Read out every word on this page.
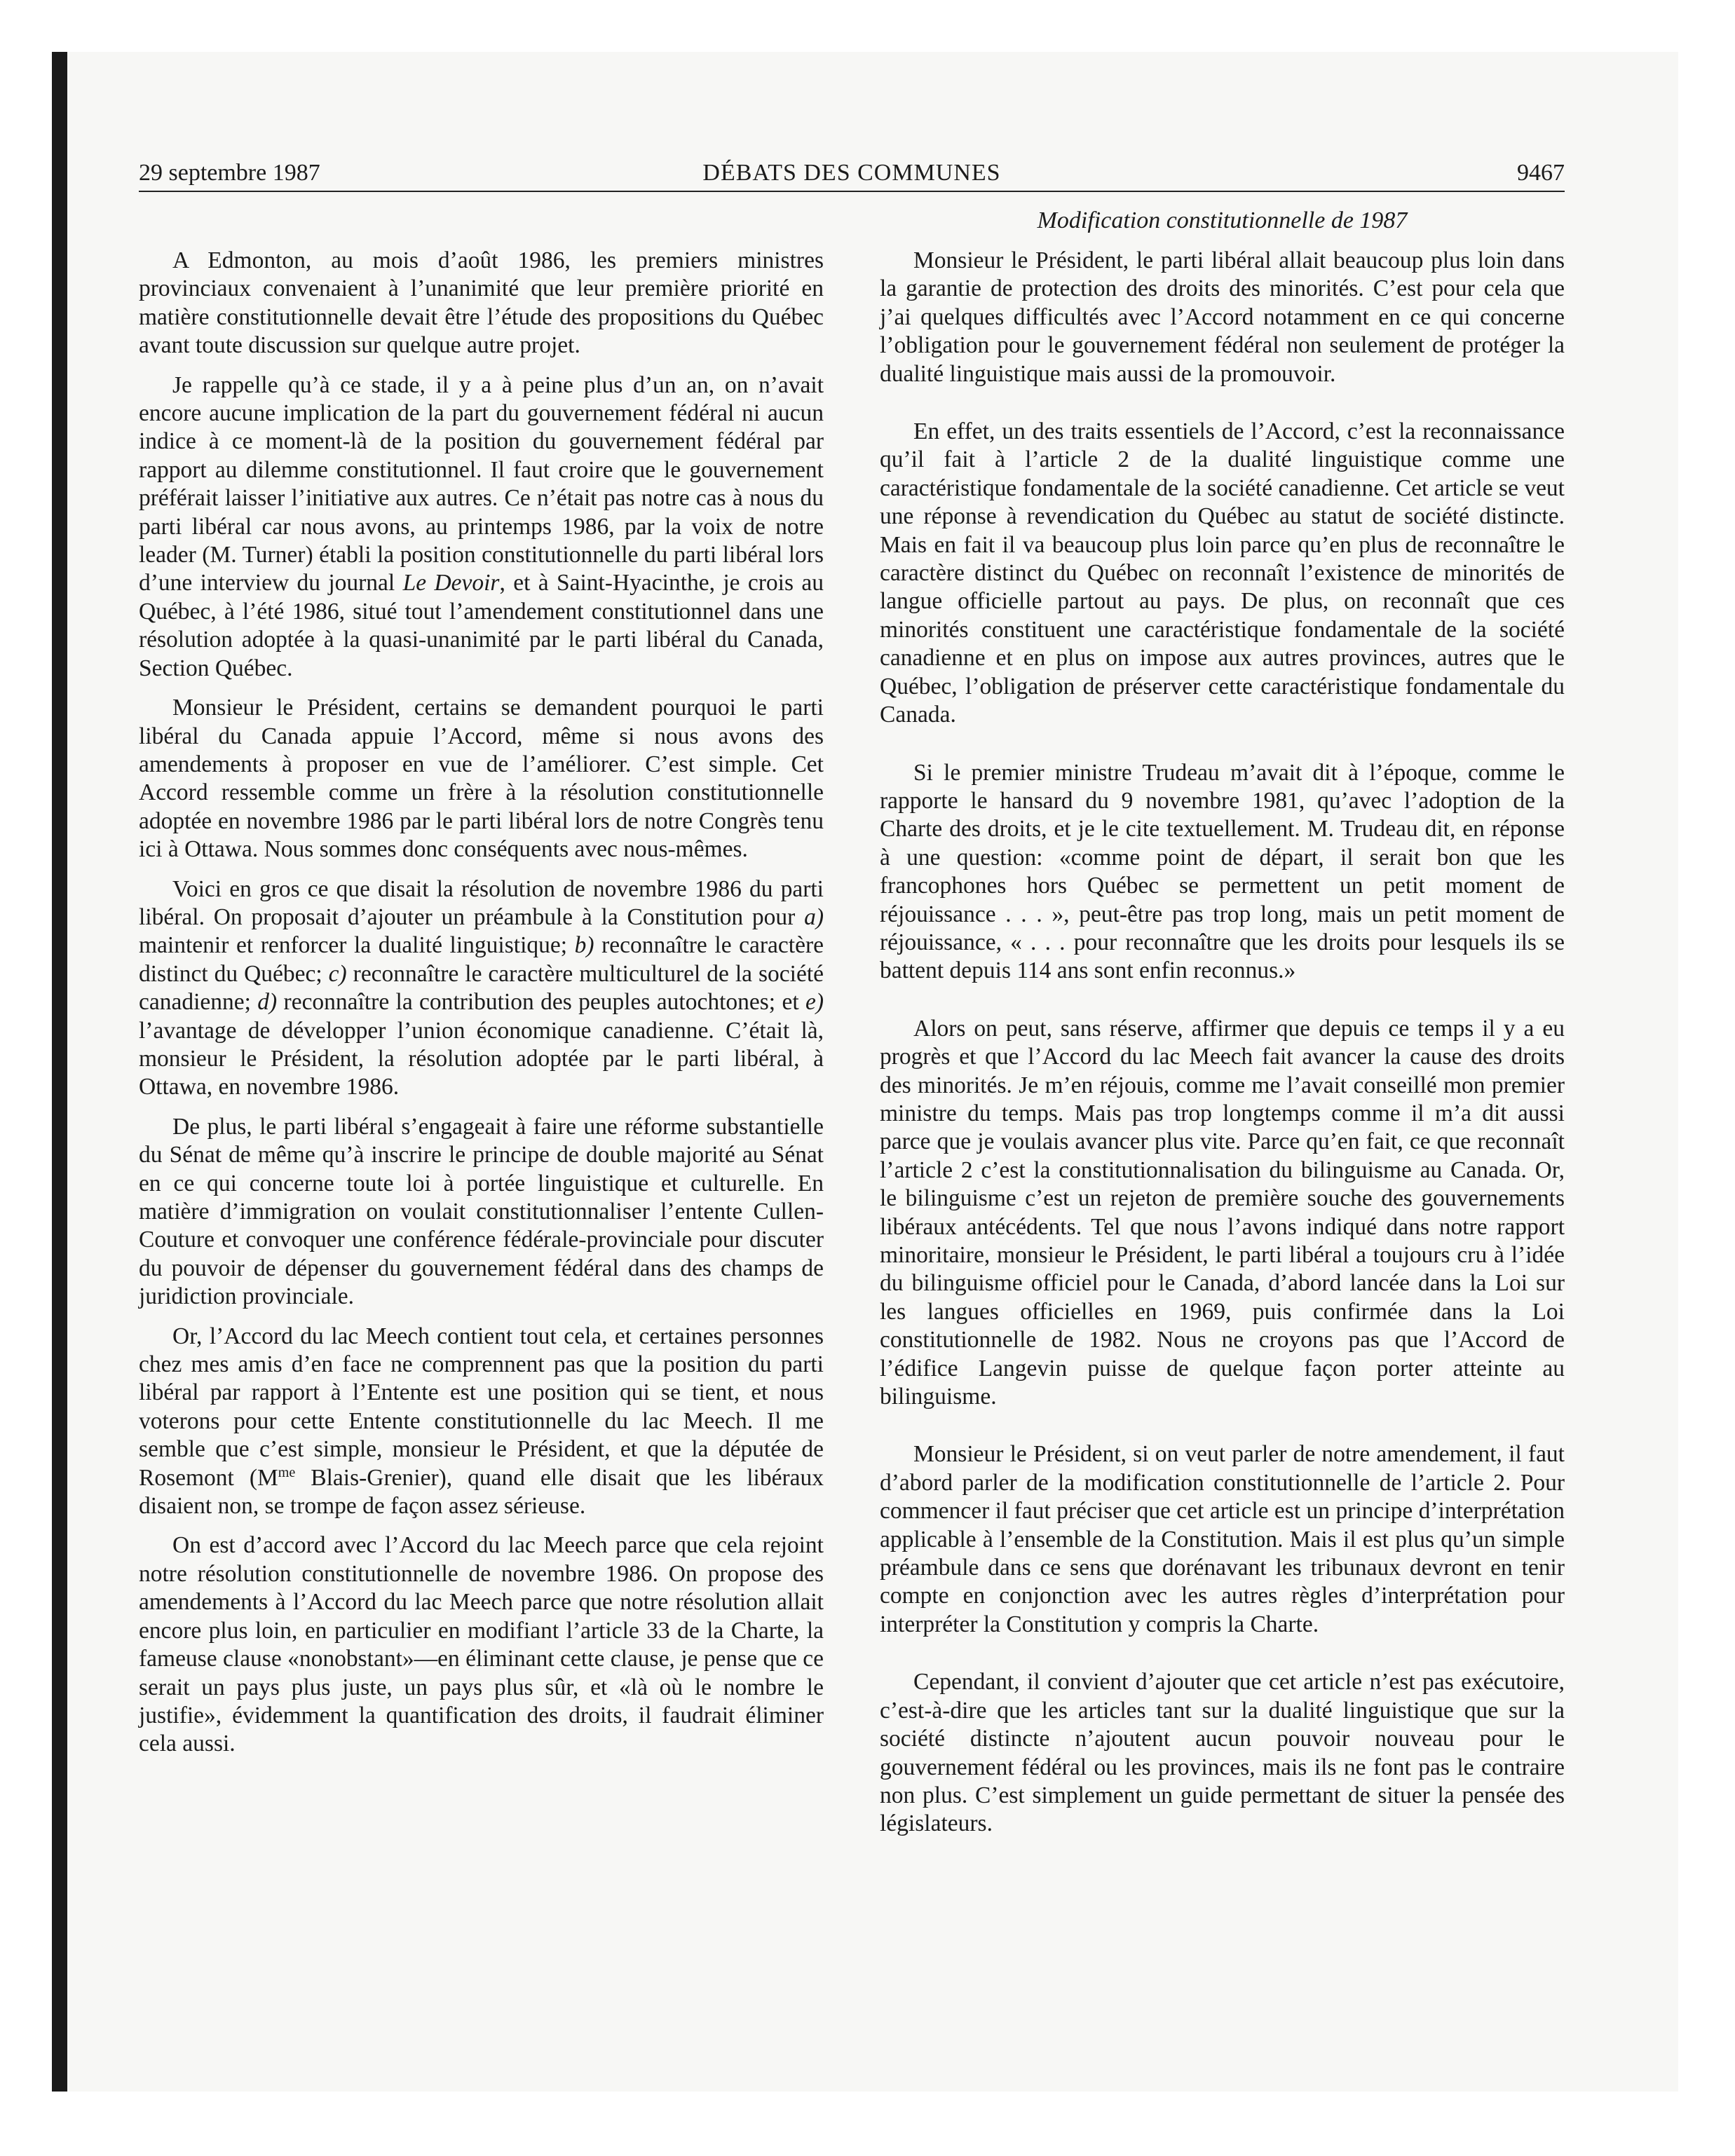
29 septembre 1987	DÉBATS DES COMMUNES	9467
Modification constitutionnelle de 1987

A Edmonton, au mois d’août 1986, les premiers ministres provinciaux convenaient à l’unanimité que leur première priorité en matière constitutionnelle devait être l’étude des propositions du Québec avant toute discussion sur quelque autre projet.

Je rappelle qu’à ce stade, il y a à peine plus d’un an, on n’avait encore aucune implication de la part du gouvernement fédéral ni aucun indice à ce moment-là de la position du gouvernement fédéral par rapport au dilemme constitutionnel. Il faut croire que le gouvernement préférait laisser l’initiative aux autres. Ce n’était pas notre cas à nous du parti libéral car nous avons, au printemps 1986, par la voix de notre leader (M. Turner) établi la position constitutionnelle du parti libéral lors d’une interview du journal Le Devoir, et à Saint-Hyacinthe, je crois au Québec, à l’été 1986, situé tout l’amendement constitutionnel dans une résolution adoptée à la quasi-unanimité par le parti libéral du Canada, Section Québec.

Monsieur le Président, certains se demandent pourquoi le parti libéral du Canada appuie l’Accord, même si nous avons des amendements à proposer en vue de l’améliorer. C’est simple. Cet Accord ressemble comme un frère à la résolution constitutionnelle adoptée en novembre 1986 par le parti libéral lors de notre Congrès tenu ici à Ottawa. Nous sommes donc conséquents avec nous-mêmes.

Voici en gros ce que disait la résolution de novembre 1986 du parti libéral. On proposait d’ajouter un préambule à la Constitution pour a) maintenir et renforcer la dualité linguistique; b) reconnaître le caractère distinct du Québec; c) reconnaître le caractère multiculturel de la société canadienne; d) reconnaître la contribution des peuples autochtones; et e) l’avantage de développer l’union économique canadienne. C’était là, monsieur le Président, la résolution adoptée par le parti libéral, à Ottawa, en novembre 1986.

De plus, le parti libéral s’engageait à faire une réforme substantielle du Sénat de même qu’à inscrire le principe de double majorité au Sénat en ce qui concerne toute loi à portée linguistique et culturelle. En matière d’immigration on voulait constitutionnaliser l’entente Cullen-Couture et convoquer une conférence fédérale-provinciale pour discuter du pouvoir de dépenser du gouvernement fédéral dans des champs de juridiction provinciale.

Or, l’Accord du lac Meech contient tout cela, et certaines personnes chez mes amis d’en face ne comprennent pas que la position du parti libéral par rapport à l’Entente est une position qui se tient, et nous voterons pour cette Entente constitutionnelle du lac Meech. Il me semble que c’est simple, monsieur le Président, et que la députée de Rosemont ($M^{me}$ Blais-Grenier), quand elle disait que les libéraux disaient non, se trompe de façon assez sérieuse.

On est d’accord avec l’Accord du lac Meech parce que cela rejoint notre résolution constitutionnelle de novembre 1986. On propose des amendements à l’Accord du lac Meech parce que notre résolution allait encore plus loin, en particulier en modifiant l’article 33 de la Charte, la fameuse clause «nonobstant»—en éliminant cette clause, je pense que ce serait un pays plus juste, un pays plus sûr, et «là où le nombre le justifie», évidemment la quantification des droits, il faudrait éliminer cela aussi.

Monsieur le Président, le parti libéral allait beaucoup plus loin dans la garantie de protection des droits des minorités. C’est pour cela que j’ai quelques difficultés avec l’Accord notamment en ce qui concerne l’obligation pour le gouvernement fédéral non seulement de protéger la dualité linguistique mais aussi de la promouvoir.

En effet, un des traits essentiels de l’Accord, c’est la reconnaissance qu’il fait à l’article 2 de la dualité linguistique comme une caractéristique fondamentale de la société canadienne. Cet article se veut une réponse à revendication du Québec au statut de société distincte. Mais en fait il va beaucoup plus loin parce qu’en plus de reconnaître le caractère distinct du Québec on reconnaît l’existence de minorités de langue officielle partout au pays. De plus, on reconnaît que ces minorités constituent une caractéristique fondamentale de la société canadienne et en plus on impose aux autres provinces, autres que le Québec, l’obligation de préserver cette caractéristique fondamentale du Canada.

Si le premier ministre Trudeau m’avait dit à l’époque, comme le rapporte le hansard du 9 novembre 1981, qu’avec l’adoption de la Charte des droits, et je le cite textuellement. M. Trudeau dit, en réponse à une question: «comme point de départ, il serait bon que les francophones hors Québec se permettent un petit moment de réjouissance . . . », peut-être pas trop long, mais un petit moment de réjouissance, « . . . pour reconnaître que les droits pour lesquels ils se battent depuis 114 ans sont enfin reconnus.»

Alors on peut, sans réserve, affirmer que depuis ce temps il y a eu progrès et que l’Accord du lac Meech fait avancer la cause des droits des minorités. Je m’en réjouis, comme me l’avait conseillé mon premier ministre du temps. Mais pas trop longtemps comme il m’a dit aussi parce que je voulais avancer plus vite. Parce qu’en fait, ce que reconnaît l’article 2 c’est la constitutionnalisation du bilinguisme au Canada. Or, le bilinguisme c’est un rejeton de première souche des gouvernements libéraux antécédents. Tel que nous l’avons indiqué dans notre rapport minoritaire, monsieur le Président, le parti libéral a toujours cru à l’idée du bilinguisme officiel pour le Canada, d’abord lancée dans la Loi sur les langues officielles en 1969, puis confirmée dans la Loi constitutionnelle de 1982. Nous ne croyons pas que l’Accord de l’édifice Langevin puisse de quelque façon porter atteinte au bilinguisme.

Monsieur le Président, si on veut parler de notre amendement, il faut d’abord parler de la modification constitutionnelle de l’article 2. Pour commencer il faut préciser que cet article est un principe d’interprétation applicable à l’ensemble de la Constitution. Mais il est plus qu’un simple préambule dans ce sens que dorénavant les tribunaux devront en tenir compte en conjonction avec les autres règles d’interprétation pour interpréter la Constitution y compris la Charte.

Cependant, il convient d’ajouter que cet article n’est pas exécutoire, c’est-à-dire que les articles tant sur la dualité linguistique que sur la société distincte n’ajoutent aucun pouvoir nouveau pour le gouvernement fédéral ou les provinces, mais ils ne font pas le contraire non plus. C’est simplement un guide permettant de situer la pensée des législateurs.
